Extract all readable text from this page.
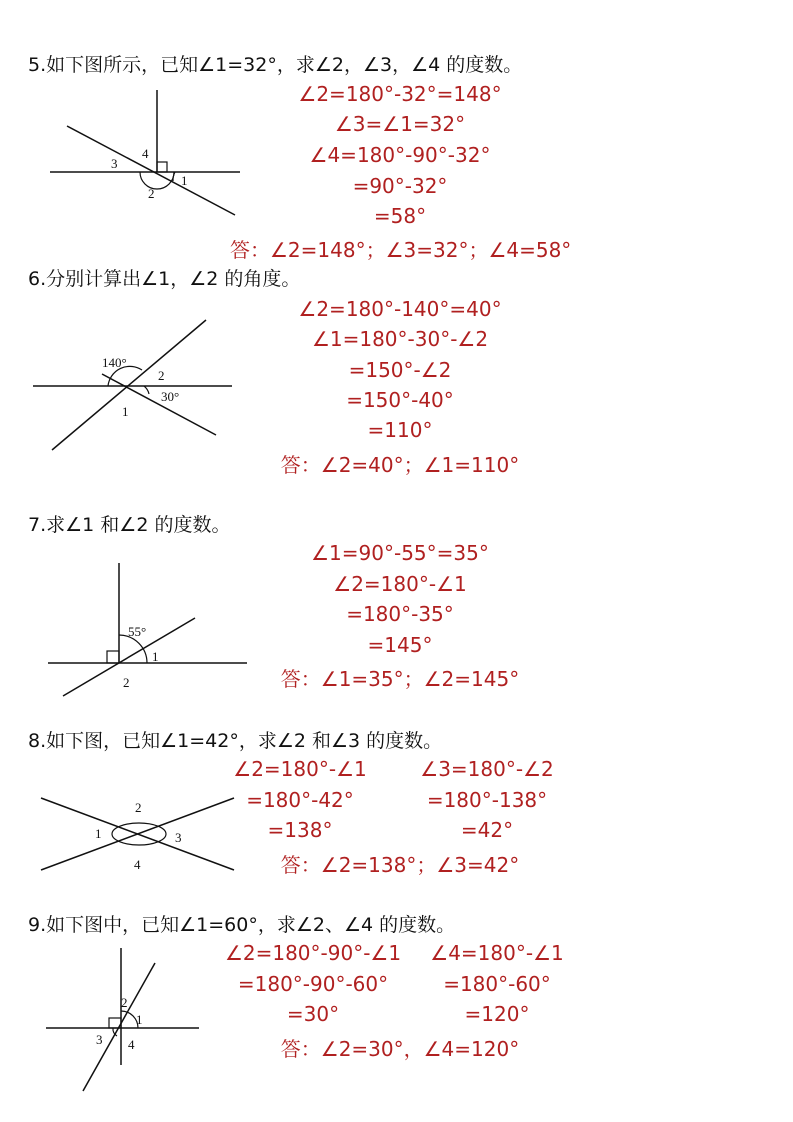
5.如下图所示，已知∠1=32°，求∠2，∠3，∠4 的度数。
4
3
1
2
∠2=180°-32°=148°
∠3=∠1=32°
∠4=180°-90°-32°
=90°-32°
=58°
答：∠2=148°；∠3=32°；∠4=58°
6.分别计算出∠1，∠2 的角度。
140°
2
30°
1
∠2=180°-140°=40°
∠1=180°-30°-∠2
=150°-∠2
=150°-40°
=110°
答：∠2=40°；∠1=110°
7.求∠1 和∠2 的度数。
55°
1
2
∠1=90°-55°=35°
∠2=180°-∠1
=180°-35°
=145°
答：∠1=35°；∠2=145°
8.如下图，已知∠1=42°，求∠2 和∠3 的度数。
2
1	3
4
∠2=180°-∠1
=180°-42°
=138°
∠3=180°-∠2
=180°-138°
=42°
答：∠2=138°；∠3=42°
9.如下图中，已知∠1=60°，求∠2、∠4 的度数。
2
1
3 4
∠2=180°-90°-∠1
=180°-90°-60°
=30°
∠4=180°-∠1
=180°-60°
=120°
答：∠2=30°，∠4=120°
